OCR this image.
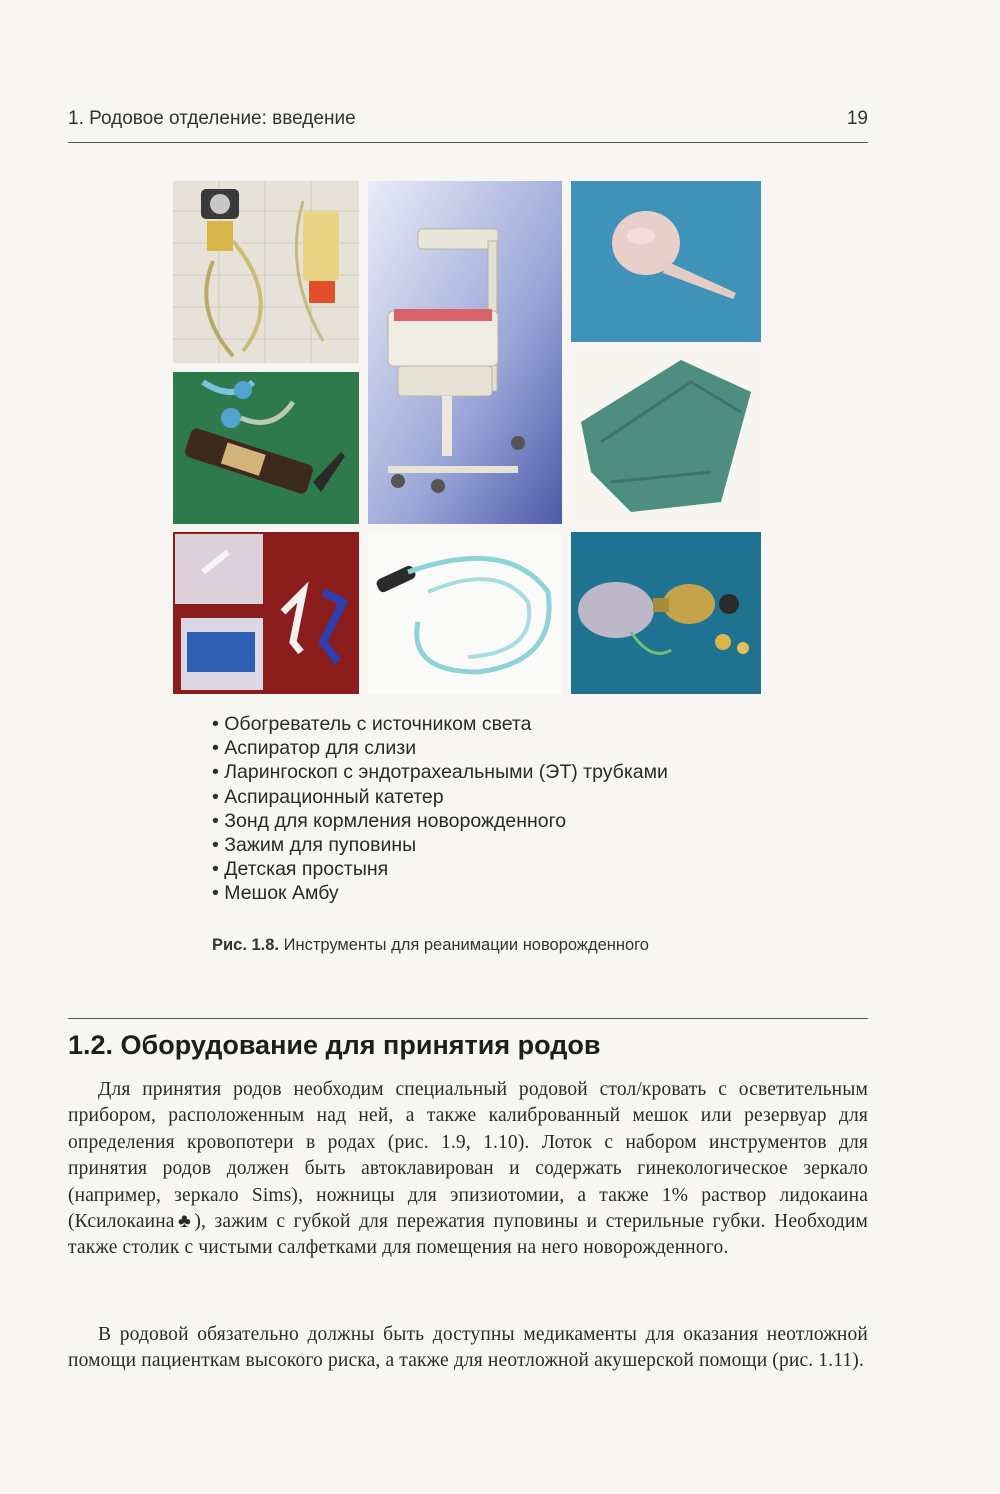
1. Родовое отделение: введение	19
• Обогреватель с источником света
• Аспиратор для слизи
• Ларингоскоп с эндотрахеальными (ЭТ) трубками
• Аспирационный катетер
• Зонд для кормления новорожденного
• Зажим для пуповины
• Детская простыня
• Мешок Амбу
Рис. 1.8. Инструменты для реанимации новорожденного
1.2. Оборудование для принятия родов

Для принятия родов необходим специальный родовой стол/кровать с осветительным прибором, расположенным над ней, а также калиброванный мешок или резервуар для определения кровопотери в родах (рис. 1.9, 1.10). Лоток с набором инструментов для принятия родов должен быть автоклавирован и содержать гинекологическое зеркало (например, зеркало Sims), ножницы для эпизиотомии, а также 1% раствор лидокаина (Ксилокаина♣), зажим с губкой для пережатия пуповины и стерильные губки. Необходим также столик с чистыми салфетками для помещения на него новорожденного.

В родовой обязательно должны быть доступны медикаменты для оказания неотложной помощи пациенткам высокого риска, а также для неотложной акушерской помощи (рис. 1.11).
